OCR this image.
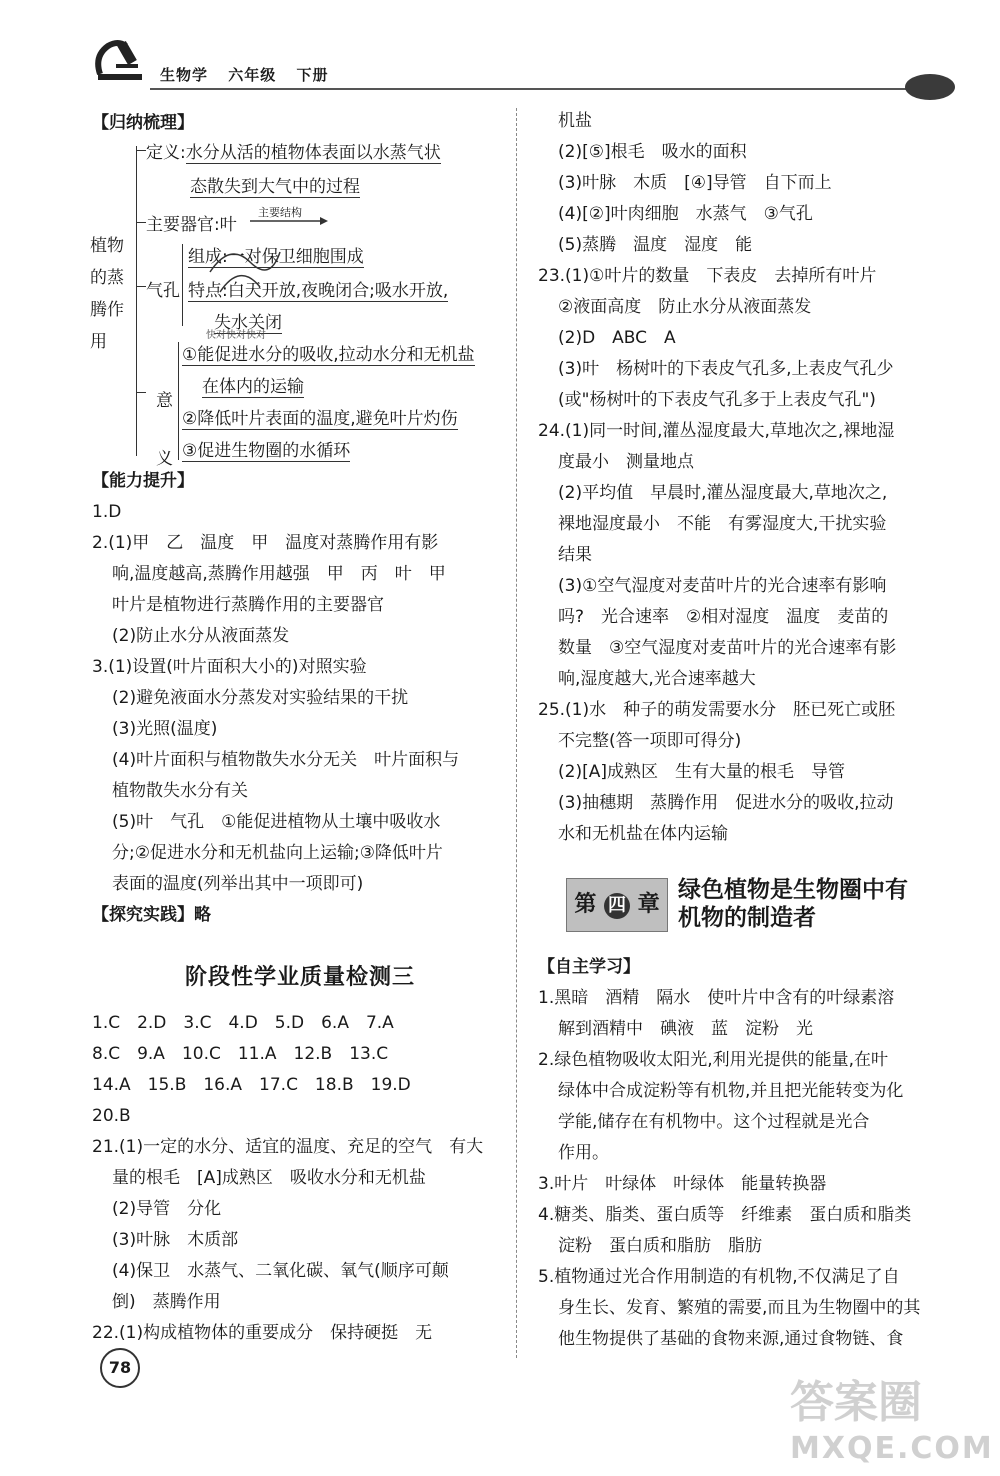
生物学 六年级 下册
【归纳梳理】
植物
的蒸
腾作
用
定义:水分从活的植物体表面以水蒸气状
态散失到大气中的过程
主要器官:叶
主要结构
气孔
组成:一对保卫细胞围成
特点:白天开放,夜晚闭合;吸水开放,
失水关闭
快对快对快对
意
义
①能促进水分的吸收,拉动水分和无机盐
在体内的运输
②降低叶片表面的温度,避免叶片灼伤
③促进生物圈的水循环
【能力提升】
1.D
2.(1)甲　乙　温度　甲　温度对蒸腾作用有影
响,温度越高,蒸腾作用越强　甲　丙　叶　甲
叶片是植物进行蒸腾作用的主要器官
(2)防止水分从液面蒸发
3.(1)设置(叶片面积大小的)对照实验
(2)避免液面水分蒸发对实验结果的干扰
(3)光照(温度)
(4)叶片面积与植物散失水分无关　叶片面积与
植物散失水分有关
(5)叶　气孔　①能促进植物从土壤中吸收水
分;②促进水分和无机盐向上运输;③降低叶片
表面的温度(列举出其中一项即可)
【探究实践】略
阶段性学业质量检测三
1.C　2.D　3.C　4.D　5.D　6.A　7.A
8.C　9.A　10.C　11.A　12.B　13.C
14.A　15.B　16.A　17.C　18.B　19.D
20.B
21.(1)一定的水分、适宜的温度、充足的空气　有大
量的根毛　[A]成熟区　吸收水分和无机盐
(2)导管　分化
(3)叶脉　木质部
(4)保卫　水蒸气、二氧化碳、氧气(顺序可颠
倒)　蒸腾作用
22.(1)构成植物体的重要成分　保持硬挺　无
机盐
(2)[⑤]根毛　吸水的面积
(3)叶脉　木质　[④]导管　自下而上
(4)[②]叶肉细胞　水蒸气　③气孔
(5)蒸腾　温度　湿度　能
23.(1)①叶片的数量　下表皮　去掉所有叶片
②液面高度　防止水分从液面蒸发
(2)D　ABC　A
(3)叶　杨树叶的下表皮气孔多,上表皮气孔少
(或"杨树叶的下表皮气孔多于上表皮气孔")
24.(1)同一时间,灌丛湿度最大,草地次之,裸地湿
度最小　测量地点
(2)平均值　早晨时,灌丛湿度最大,草地次之,
裸地湿度最小　不能　有雾湿度大,干扰实验
结果
(3)①空气湿度对麦苗叶片的光合速率有影响
吗?　光合速率　②相对湿度　温度　麦苗的
数量　③空气湿度对麦苗叶片的光合速率有影
响,湿度越大,光合速率越大
25.(1)水　种子的萌发需要水分　胚已死亡或胚
不完整(答一项即可得分)
(2)[A]成熟区　生有大量的根毛　导管
(3)抽穗期　蒸腾作用　促进水分的吸收,拉动
水和无机盐在体内运输
第 四 章
绿色植物是生物圈中有
机物的制造者
【自主学习】
1.黑暗　酒精　隔水　使叶片中含有的叶绿素溶
解到酒精中　碘液　蓝　淀粉　光
2.绿色植物吸收太阳光,利用光提供的能量,在叶
绿体中合成淀粉等有机物,并且把光能转变为化
学能,储存在有机物中。这个过程就是光合
作用。
3.叶片　叶绿体　叶绿体　能量转换器
4.糖类、脂类、蛋白质等　纤维素　蛋白质和脂类
淀粉　蛋白质和脂肪　脂肪
5.植物通过光合作用制造的有机物,不仅满足了自
身生长、发育、繁殖的需要,而且为生物圈中的其
他生物提供了基础的食物来源,通过食物链、食
78
答案圈
MXQE.COM
